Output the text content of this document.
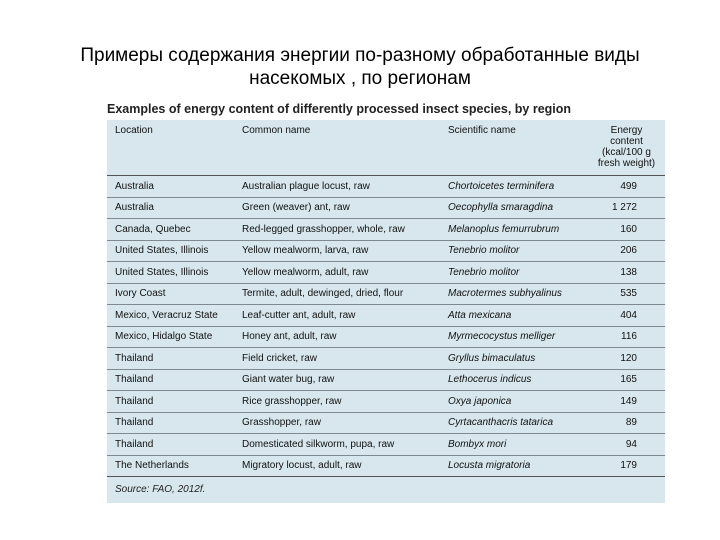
Примеры содержания энергии по-разному обработанные виды
насекомых , по регионам
Examples of energy content of differently processed insect species, by region
Location	Common name	Scientific name	Energy
content
(kcal/100 g
fresh weight)

Australia	Australian plague locust, raw	Chortoicetes terminifera	499
Australia	Green (weaver) ant, raw	Oecophylla smaragdina	1 272
Canada, Quebec	Red-legged grasshopper, whole, raw	Melanoplus femurrubrum	160
United States, Illinois	Yellow mealworm, larva, raw	Tenebrio molitor	206
United States, Illinois	Yellow mealworm, adult, raw	Tenebrio molitor	138
Ivory Coast	Termite, adult, dewinged, dried, flour	Macrotermes subhyalinus	535
Mexico, Veracruz State	Leaf-cutter ant, adult, raw	Atta mexicana	404
Mexico, Hidalgo State	Honey ant, adult, raw	Myrmecocystus melliger	116
Thailand	Field cricket, raw	Gryllus bimaculatus	120
Thailand	Giant water bug, raw	Lethocerus indicus	165
Thailand	Rice grasshopper, raw	Oxya japonica	149
Thailand	Grasshopper, raw	Cyrtacanthacris tatarica	89
Thailand	Domesticated silkworm, pupa, raw	Bombyx mori	94
The Netherlands	Migratory locust, adult, raw	Locusta migratoria	179
Source: FAO, 2012f.
